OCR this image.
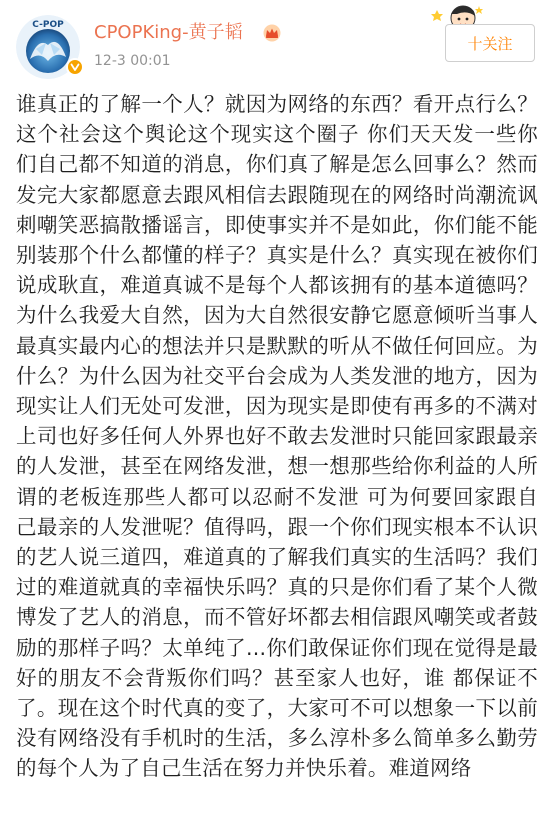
C-POP CPOPKing-黄子韬
12-3 00:01
十关注

谁真正的了解一个人？就因为网络的东西？看开点行么？这个社会这个舆论这个现实这个圈子 你们天天发一些你们自己都不知道的消息，你们真了解是怎么回事么？然而发完大家都愿意去跟风相信去跟随现在的网络时尚潮流讽刺嘲笑恶搞散播谣言，即使事实并不是如此，你们能不能别装那个什么都懂的样子？真实是什么？真实现在被你们说成耿直，难道真诚不是每个人都该拥有的基本道德吗？为什么我爱大自然，因为大自然很安静它愿意倾听当事人最真实最内心的想法并只是默默的听从不做任何回应。为什么？为什么因为社交平台会成为人类发泄的地方，因为现实让人们无处可发泄，因为现实是即使有再多的不满对上司也好多任何人外界也好不敢去发泄时只能回家跟最亲的人发泄，甚至在网络发泄，想一想那些给你利益的人所谓的老板连那些人都可以忍耐不发泄 可为何要回家跟自己最亲的人发泄呢？值得吗，跟一个你们现实根本不认识的艺人说三道四，难道真的了解我们真实的生活吗？我们过的难道就真的幸福快乐吗？真的只是你们看了某个人微博发了艺人的消息，而不管好坏都去相信跟风嘲笑或者鼓励的那样子吗？太单纯了...你们敢保证你们现在觉得是最好的朋友不会背叛你们吗？甚至家人也好，谁 都保证不了。现在这个时代真的变了，大家可不可以想象一下以前没有网络没有手机时的生活，多么淳朴多么简单多么勤劳的每个人为了自己生活在努力并快乐着。难道网络
